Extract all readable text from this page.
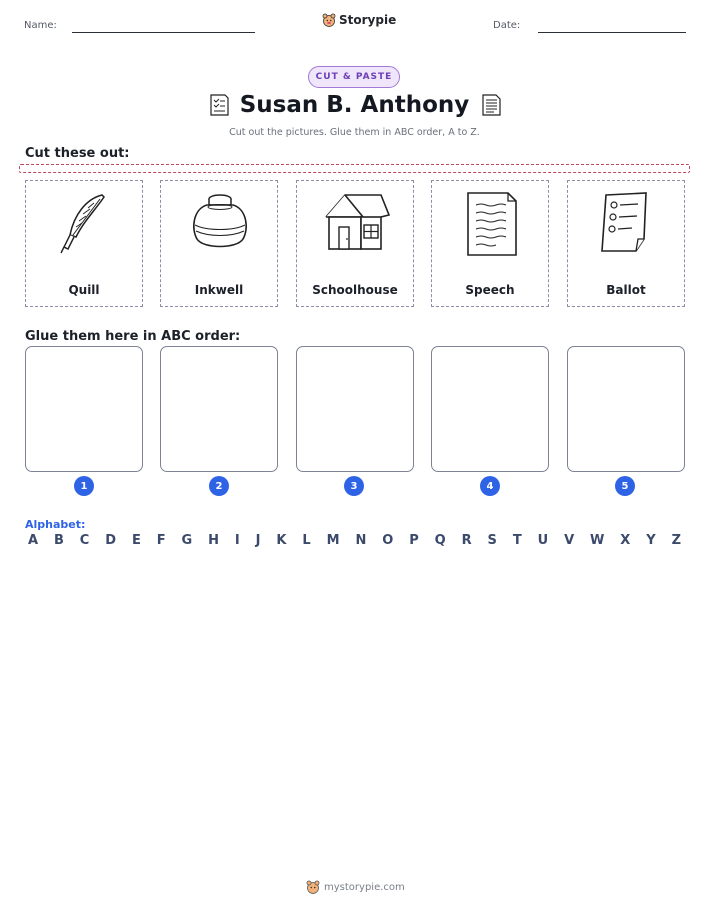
Name:	Storypie	Date:
CUT & PASTE
Susan B. Anthony
Cut out the pictures. Glue them in ABC order, A to Z.
Cut these out:
Quill	Inkwell	Schoolhouse	Speech	Ballot
Glue them here in ABC order:
1	2	3	4	5
Alphabet:
A B C D E F G H I J K L M N O P Q R S T U V W X Y Z
mystorypie.com
